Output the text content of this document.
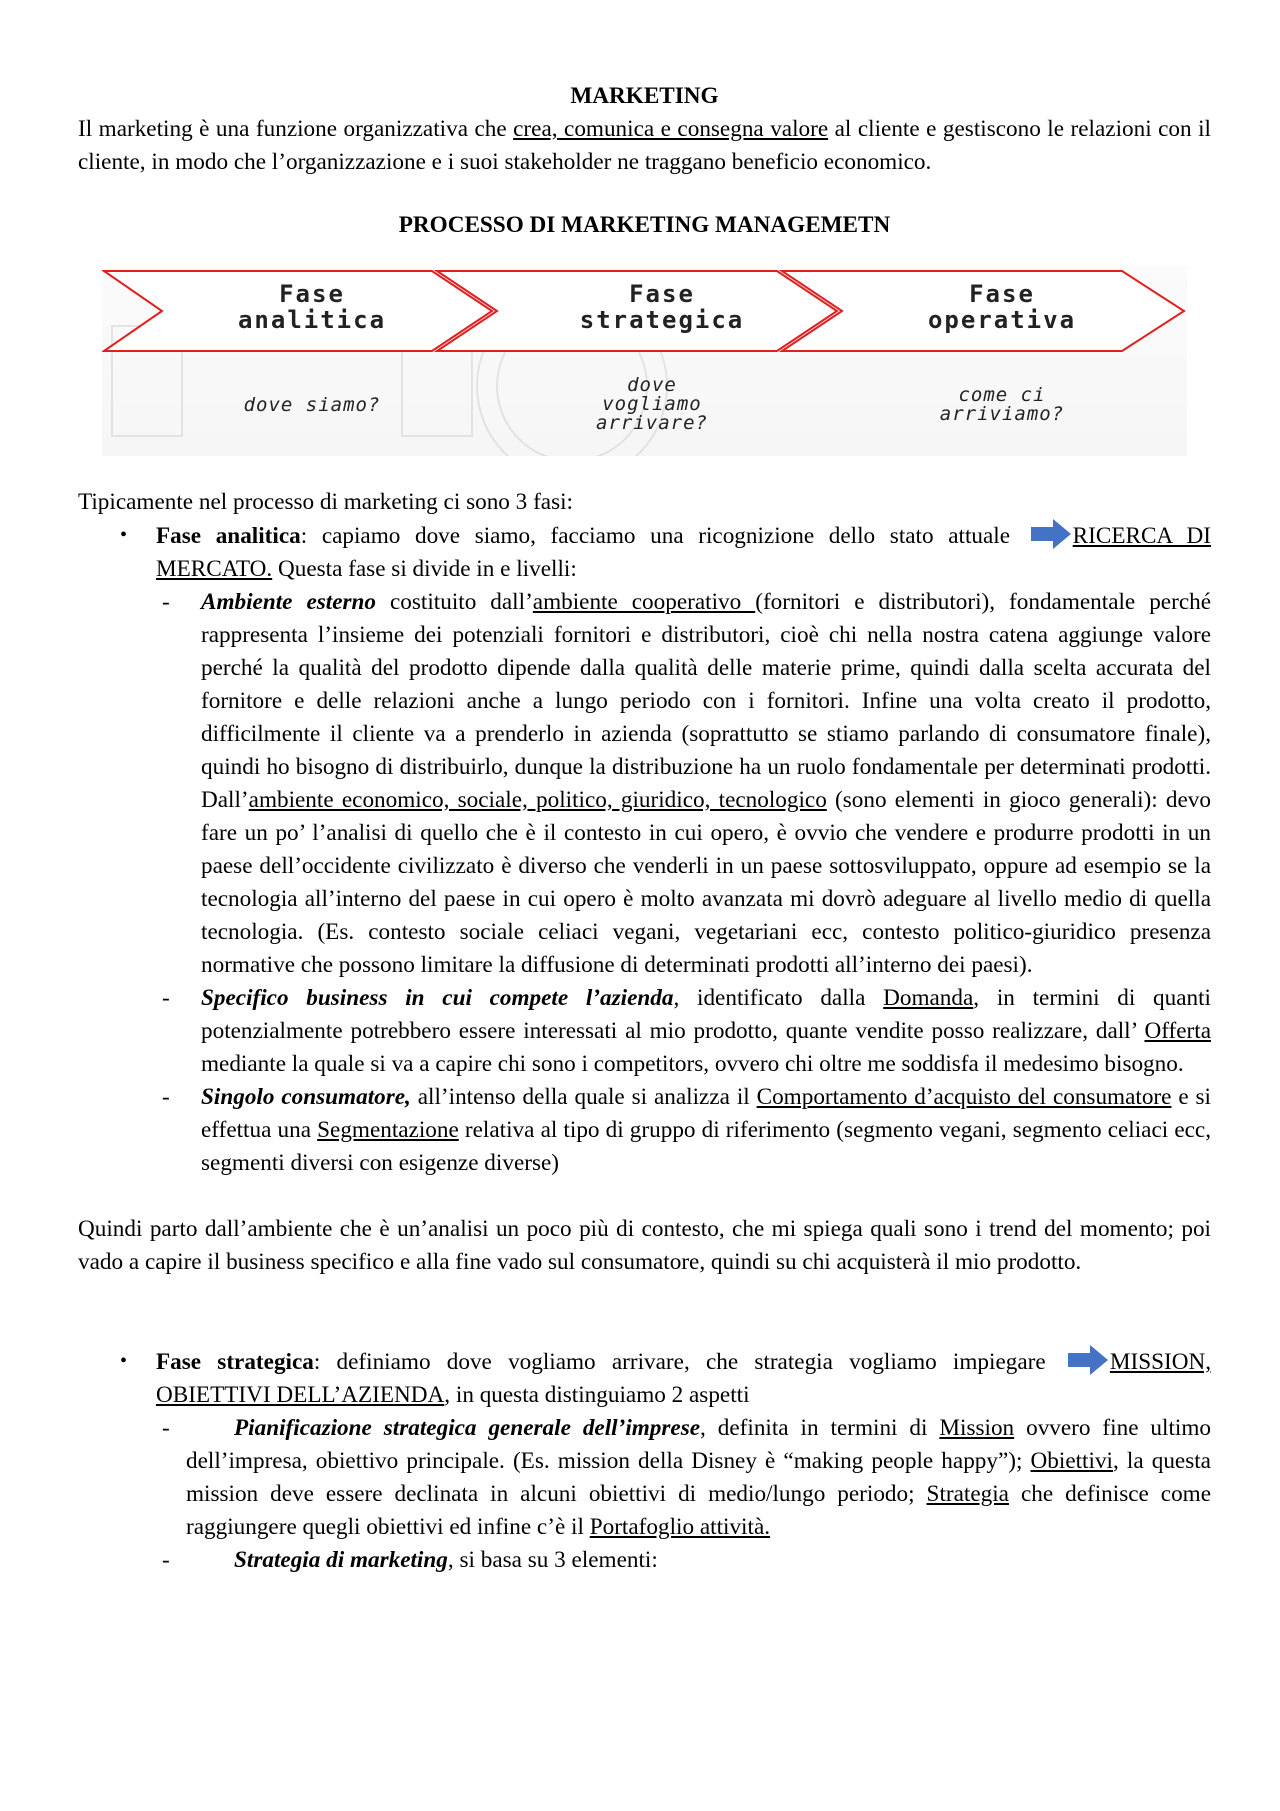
MARKETING

Il marketing è una funzione organizzativa che crea, comunica e consegna valore al cliente e gestiscono le relazioni con il cliente, in modo che l’organizzazione e i suoi stakeholder ne traggano beneficio economico.

PROCESSO DI MARKETING MANAGEMETN

Fase
analitica
Fase
strategica
Fase
operativa
dove siamo?
dove
vogliamo
arrivare?
come ci
arriviamo?

Tipicamente nel processo di marketing ci sono 3 fasi:

• Fase analitica: capiamo dove siamo, facciamo una ricognizione dello stato attuale RICERCA DI MERCATO. Questa fase si divide in e livelli:
- Ambiente esterno costituito dall’ambiente cooperativo (fornitori e distributori), fondamentale perché rappresenta l’insieme dei potenziali fornitori e distributori, cioè chi nella nostra catena aggiunge valore perché la qualità del prodotto dipende dalla qualità delle materie prime, quindi dalla scelta accurata del fornitore e delle relazioni anche a lungo periodo con i fornitori. Infine una volta creato il prodotto, difficilmente il cliente va a prenderlo in azienda (soprattutto se stiamo parlando di consumatore finale), quindi ho bisogno di distribuirlo, dunque la distribuzione ha un ruolo fondamentale per determinati prodotti. Dall’ambiente economico, sociale, politico, giuridico, tecnologico (sono elementi in gioco generali): devo fare un po’ l’analisi di quello che è il contesto in cui opero, è ovvio che vendere e produrre prodotti in un paese dell’occidente civilizzato è diverso che venderli in un paese sottosviluppato, oppure ad esempio se la tecnologia all’interno del paese in cui opero è molto avanzata mi dovrò adeguare al livello medio di quella tecnologia. (Es. contesto sociale celiaci vegani, vegetariani ecc, contesto politico-giuridico presenza normative che possono limitare la diffusione di determinati prodotti all’interno dei paesi).
- Specifico business in cui compete l’azienda, identificato dalla Domanda, in termini di quanti potenzialmente potrebbero essere interessati al mio prodotto, quante vendite posso realizzare, dall’ Offerta mediante la quale si va a capire chi sono i competitors, ovvero chi oltre me soddisfa il medesimo bisogno.
- Singolo consumatore, all’intenso della quale si analizza il Comportamento d’acquisto del consumatore e si effettua una Segmentazione relativa al tipo di gruppo di riferimento (segmento vegani, segmento celiaci ecc, segmenti diversi con esigenze diverse)

Quindi parto dall’ambiente che è un’analisi un poco più di contesto, che mi spiega quali sono i trend del momento; poi vado a capire il business specifico e alla fine vado sul consumatore, quindi su chi acquisterà il mio prodotto.

• Fase strategica: definiamo dove vogliamo arrivare, che strategia vogliamo impiegare MISSION, OBIETTIVI DELL’AZIENDA, in questa distinguiamo 2 aspetti
-	Pianificazione strategica generale dell’imprese, definita in termini di Mission ovvero fine ultimo dell’impresa, obiettivo principale. (Es. mission della Disney è “making people happy”); Obiettivi, la questa mission deve essere declinata in alcuni obiettivi di medio/lungo periodo; Strategia che definisce come raggiungere quegli obiettivi ed infine c’è il Portafoglio attività.
-	Strategia di marketing, si basa su 3 elementi:
